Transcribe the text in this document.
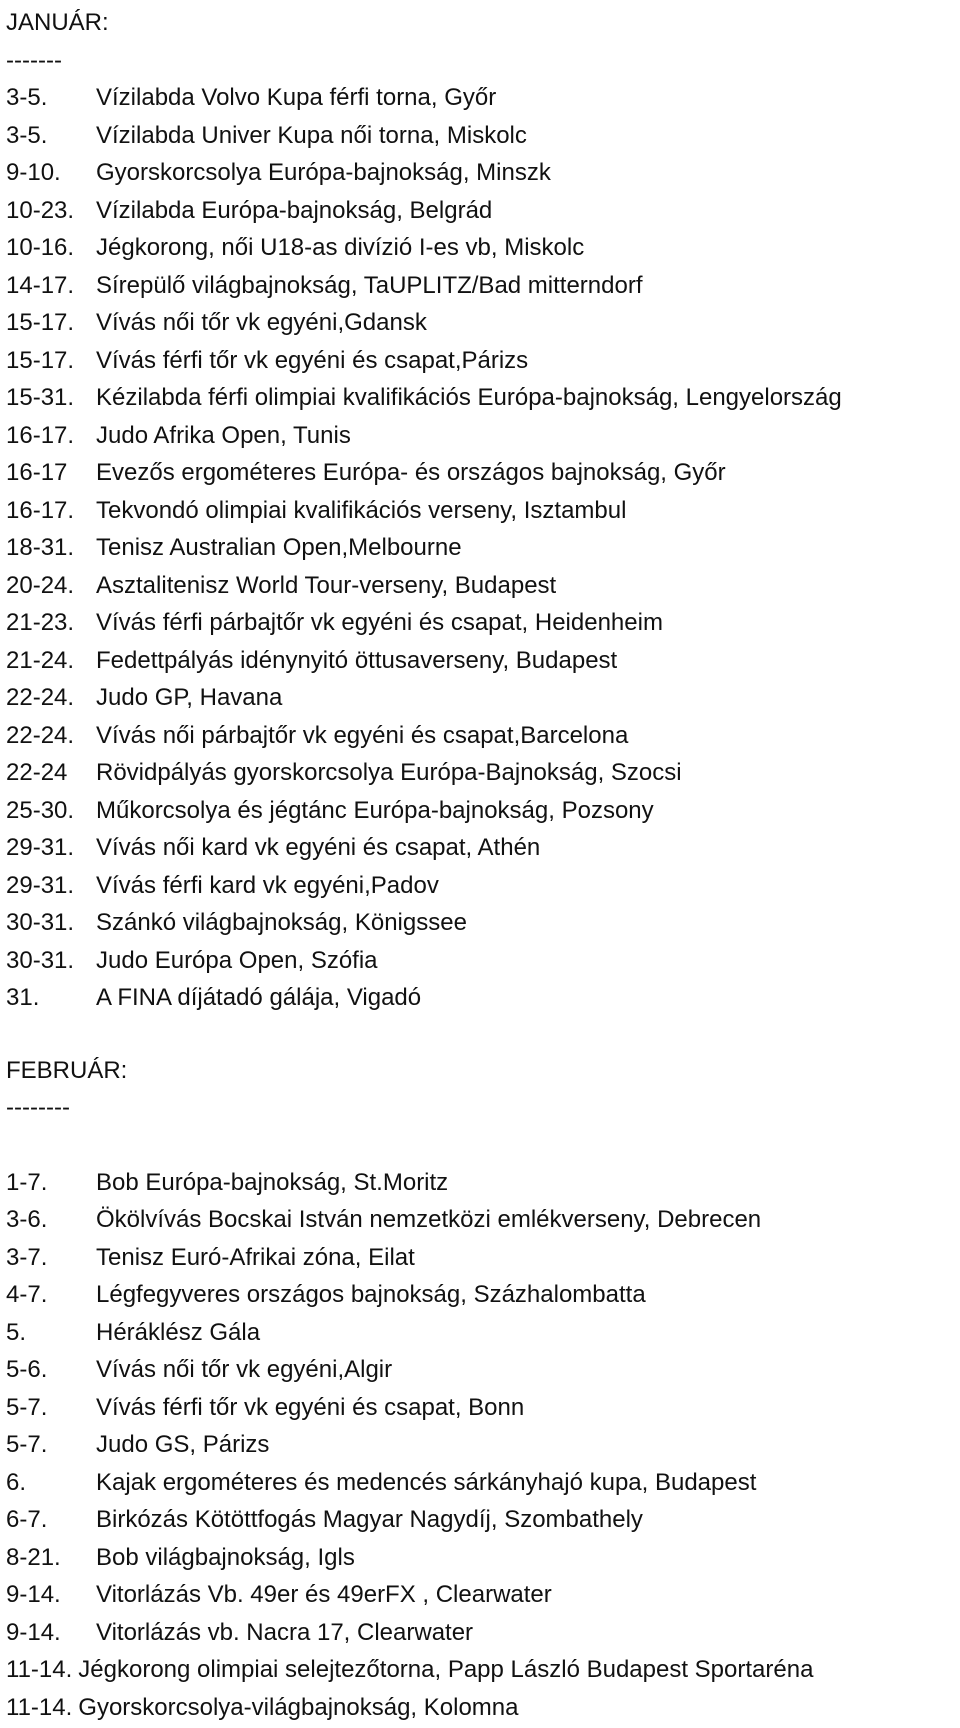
JANUÁR:
-------
3-5. Vízilabda Volvo Kupa férfi torna, Győr
3-5. Vízilabda Univer Kupa női torna, Miskolc
9-10. Gyorskorcsolya Európa-bajnokság, Minszk
10-23. Vízilabda Európa-bajnokság, Belgrád
10-16. Jégkorong, női U18-as divízió I-es vb, Miskolc
14-17. Sírepülő világbajnokság, TaUPLITZ/Bad mitterndorf
15-17. Vívás női tőr vk egyéni,Gdansk
15-17. Vívás férfi tőr vk egyéni és csapat,Párizs
15-31. Kézilabda férfi olimpiai kvalifikációs Európa-bajnokság, Lengyelország
16-17. Judo Afrika Open, Tunis
16-17 Evezős ergométeres Európa- és országos bajnokság, Győr
16-17. Tekvondó olimpiai kvalifikációs verseny, Isztambul
18-31. Tenisz Australian Open,Melbourne
20-24. Asztalitenisz World Tour-verseny, Budapest
21-23. Vívás férfi párbajtőr vk egyéni és csapat, Heidenheim
21-24. Fedettpályás idénynyitó öttusaverseny, Budapest
22-24. Judo GP, Havana
22-24. Vívás női párbajtőr vk egyéni és csapat,Barcelona
22-24 Rövidpályás gyorskorcsolya Európa-Bajnokság, Szocsi
25-30. Műkorcsolya és jégtánc Európa-bajnokság, Pozsony
29-31. Vívás női kard vk egyéni és csapat, Athén
29-31. Vívás férfi kard vk egyéni,Padov
30-31. Szánkó világbajnokság, Königssee
30-31. Judo Európa Open, Szófia
31. A FINA díjátadó gálája, Vigadó
FEBRUÁR:
--------
1-7. Bob Európa-bajnokság, St.Moritz
3-6. Ökölvívás Bocskai István nemzetközi emlékverseny, Debrecen
3-7. Tenisz Euró-Afrikai zóna, Eilat
4-7. Légfegyveres országos bajnokság, Százhalombatta
5.	Héráklész Gála
5-6. Vívás női tőr vk egyéni,Algir
5-7. Vívás férfi tőr vk egyéni és csapat, Bonn
5-7. Judo GS, Párizs
6.	Kajak ergométeres és medencés sárkányhajó kupa, Budapest
6-7. Birkózás Kötöttfogás Magyar Nagydíj, Szombathely
8-21. Bob világbajnokság, Igls
9-14. Vitorlázás Vb. 49er és 49erFX , Clearwater
9-14. Vitorlázás vb. Nacra 17, Clearwater
11-14. Jégkorong olimpiai selejtezőtorna, Papp László Budapest Sportaréna
11-14. Gyorskorcsolya-világbajnokság, Kolomna
